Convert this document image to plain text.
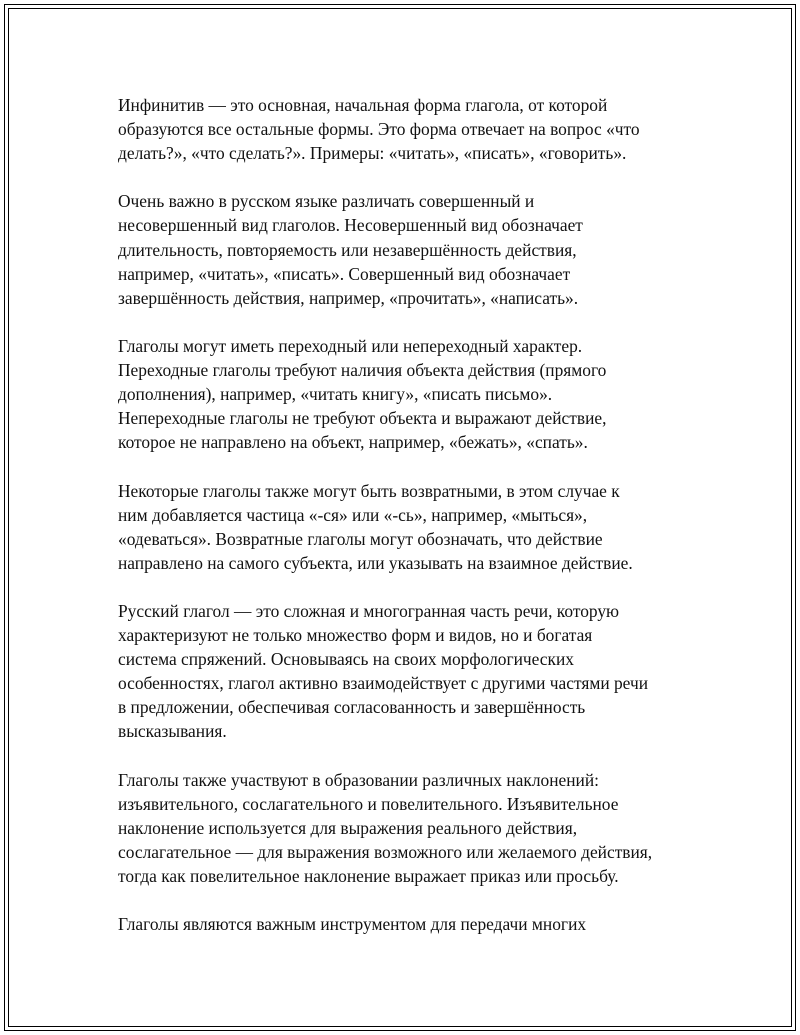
Инфинитив — это основная, начальная форма глагола, от которой
образуются все остальные формы. Это форма отвечает на вопрос «что
делать?», «что сделать?». Примеры: «читать», «писать», «говорить».

Очень важно в русском языке различать совершенный и
несовершенный вид глаголов. Несовершенный вид обозначает
длительность, повторяемость или незавершённость действия,
например, «читать», «писать». Совершенный вид обозначает
завершённость действия, например, «прочитать», «написать».

Глаголы могут иметь переходный или непереходный характер.
Переходные глаголы требуют наличия объекта действия (прямого
дополнения), например, «читать книгу», «писать письмо».
Непереходные глаголы не требуют объекта и выражают действие,
которое не направлено на объект, например, «бежать», «спать».

Некоторые глаголы также могут быть возвратными, в этом случае к
ним добавляется частица «-ся» или «-сь», например, «мыться»,
«одеваться». Возвратные глаголы могут обозначать, что действие
направлено на самого субъекта, или указывать на взаимное действие.

Русский глагол — это сложная и многогранная часть речи, которую
характеризуют не только множество форм и видов, но и богатая
система спряжений. Основываясь на своих морфологических
особенностях, глагол активно взаимодействует с другими частями речи
в предложении, обеспечивая согласованность и завершённость
высказывания.

Глаголы также участвуют в образовании различных наклонений:
изъявительного, сослагательного и повелительного. Изъявительное
наклонение используется для выражения реального действия,
сослагательное — для выражения возможного или желаемого действия,
тогда как повелительное наклонение выражает приказ или просьбу.

Глаголы являются важным инструментом для передачи многих
